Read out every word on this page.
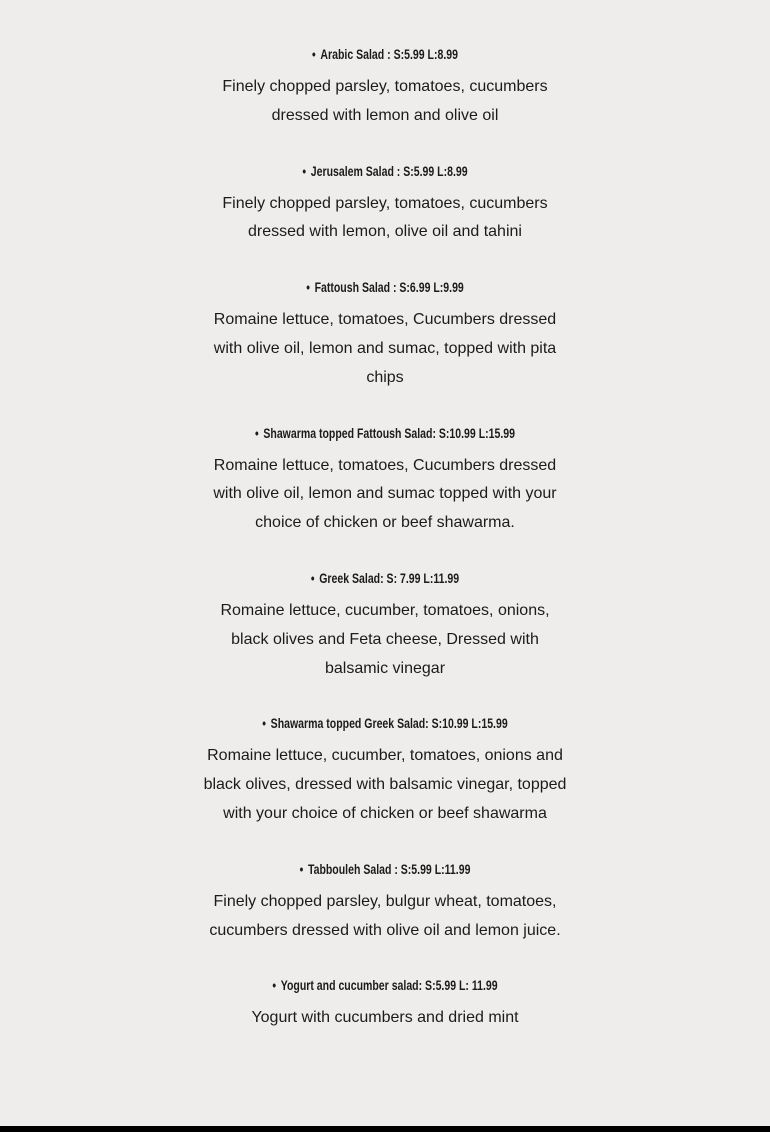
• Arabic Salad : S:5.99 L:8.99
Finely chopped parsley, tomatoes, cucumbers
dressed with lemon and olive oil
• Jerusalem Salad : S:5.99 L:8.99
Finely chopped parsley, tomatoes, cucumbers
dressed with lemon, olive oil and tahini
• Fattoush Salad : S:6.99 L:9.99
Romaine lettuce, tomatoes, Cucumbers dressed
with olive oil, lemon and sumac, topped with pita
chips
• Shawarma topped Fattoush Salad: S:10.99 L:15.99
Romaine lettuce, tomatoes, Cucumbers dressed
with olive oil, lemon and sumac topped with your
choice of chicken or beef shawarma.
• Greek Salad: S: 7.99 L:11.99
Romaine lettuce, cucumber, tomatoes, onions,
black olives and Feta cheese, Dressed with
balsamic vinegar
• Shawarma topped Greek Salad: S:10.99 L:15.99
Romaine lettuce, cucumber, tomatoes, onions and
black olives, dressed with balsamic vinegar, topped
with your choice of chicken or beef shawarma
• Tabbouleh Salad : S:5.99 L:11.99
Finely chopped parsley, bulgur wheat, tomatoes,
cucumbers dressed with olive oil and lemon juice.
• Yogurt and cucumber salad: S:5.99 L: 11.99
Yogurt with cucumbers and dried mint
